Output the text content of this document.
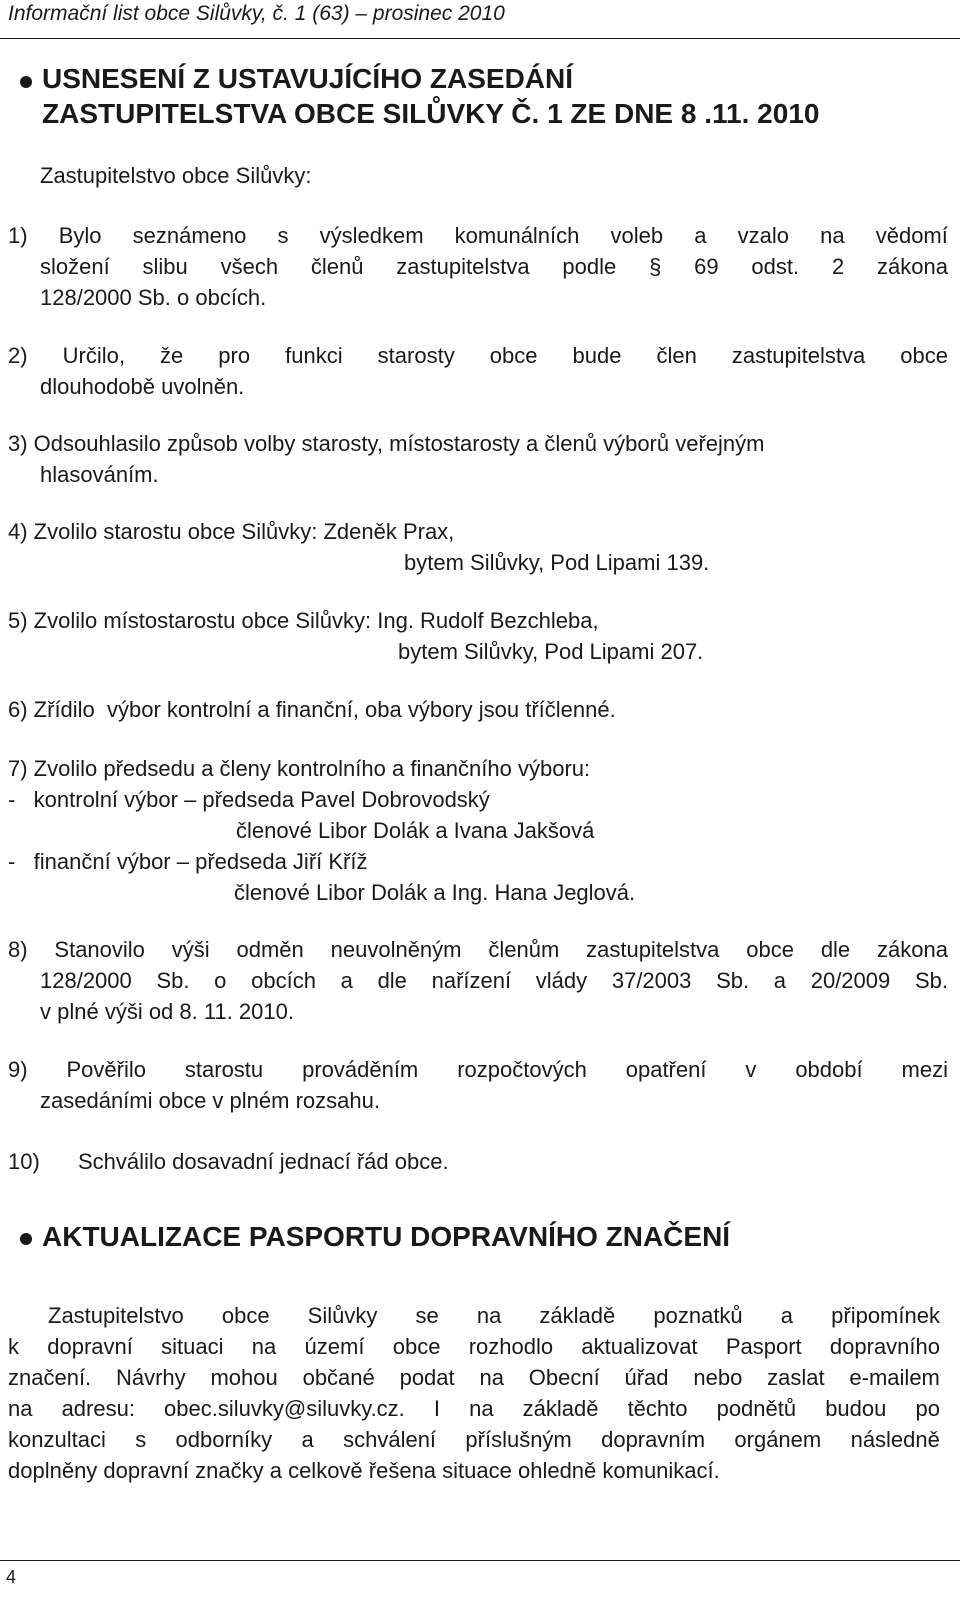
Informační list obce Silůvky, č. 1 (63) – prosinec 2010
USNESENÍ Z USTAVUJÍCÍHO ZASEDÁNÍ
ZASTUPITELSTVA OBCE SILŮVKY Č. 1 ZE DNE 8 .11. 2010
Zastupitelstvo obce Silůvky:
1) Bylo seznámeno s výsledkem komunálních voleb a vzalo na vědomí
složení slibu všech členů zastupitelstva podle § 69 odst. 2 zákona
128/2000 Sb. o obcích.
2) Určilo, že pro funkci starosty obce bude člen zastupitelstva obce
dlouhodobě uvolněn.
3) Odsouhlasilo způsob volby starosty, místostarosty a členů výborů veřejným
hlasováním.
4) Zvolilo starostu obce Silůvky: Zdeněk Prax,
bytem Silůvky, Pod Lipami 139.
5) Zvolilo místostarostu obce Silůvky: Ing. Rudolf Bezchleba,
bytem Silůvky, Pod Lipami 207.
6) Zřídilo  výbor kontrolní a finanční, oba výbory jsou tříčlenné.
7) Zvolilo předsedu a členy kontrolního a finančního výboru:
-   kontrolní výbor – předseda Pavel Dobrovodský
členové Libor Dolák a Ivana Jakšová
-   finanční výbor – předseda Jiří Kříž
členové Libor Dolák a Ing. Hana Jeglová.
8) Stanovilo výši odměn neuvolněným členům zastupitelstva obce dle zákona
128/2000 Sb. o obcích a dle nařízení vlády 37/2003 Sb. a 20/2009 Sb.
v plné výši od 8. 11. 2010.
9) Pověřilo starostu prováděním rozpočtových opatření v období mezi
zasedáními obce v plném rozsahu.
10) Schválilo dosavadní jednací řád obce.
AKTUALIZACE PASPORTU DOPRAVNÍHO ZNAČENÍ
Zastupitelstvo obce Silůvky se na základě poznatků a připomínek
k dopravní situaci na území obce rozhodlo aktualizovat Pasport dopravního
značení. Návrhy mohou občané podat na Obecní úřad nebo zaslat e-mailem
na adresu: obec.siluvky@siluvky.cz. I na základě těchto podnětů budou po
konzultaci s odborníky a schválení příslušným dopravním orgánem následně
doplněny dopravní značky a celkově řešena situace ohledně komunikací.
4
